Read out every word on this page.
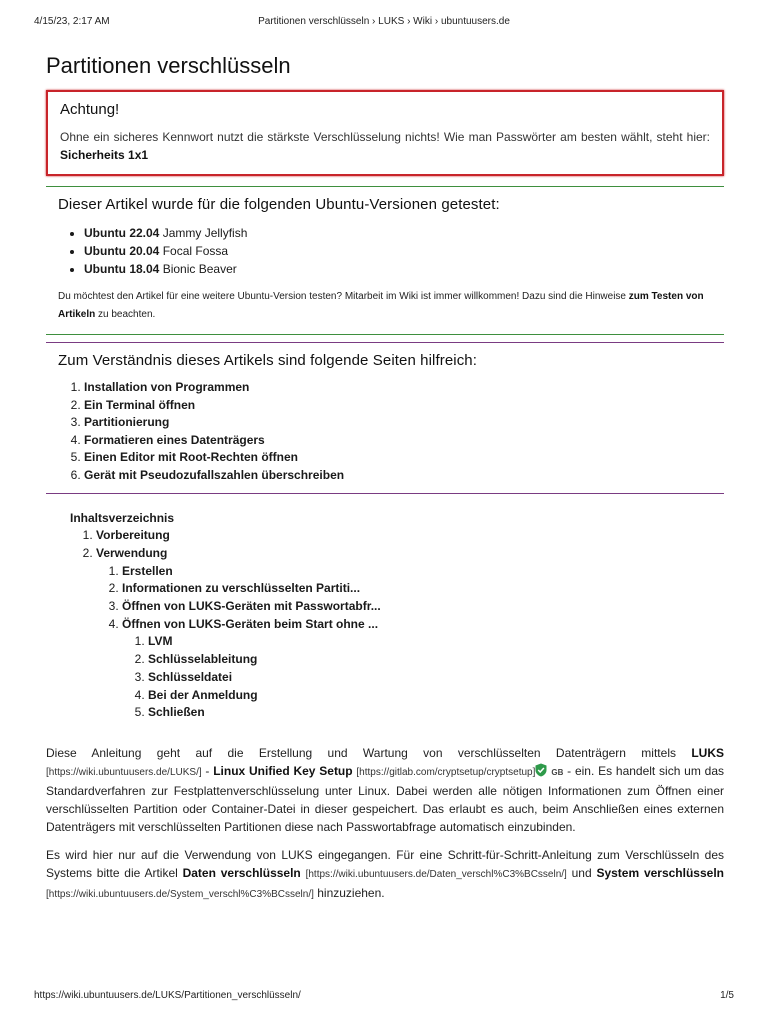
4/15/23, 2:17 AM	Partitionen verschlüsseln › LUKS › Wiki › ubuntuusers.de
Partitionen verschlüsseln
Achtung!
Ohne ein sicheres Kennwort nutzt die stärkste Verschlüsselung nichts! Wie man Passwörter am besten wählt, steht hier: Sicherheits 1x1
Dieser Artikel wurde für die folgenden Ubuntu-Versionen getestet:
• Ubuntu 22.04 Jammy Jellyfish
• Ubuntu 20.04 Focal Fossa
• Ubuntu 18.04 Bionic Beaver
Du möchtest den Artikel für eine weitere Ubuntu-Version testen? Mitarbeit im Wiki ist immer willkommen! Dazu sind die Hinweise zum Testen von Artikeln zu beachten.
Zum Verständnis dieses Artikels sind folgende Seiten hilfreich:
1. Installation von Programmen
2. Ein Terminal öffnen
3. Partitionierung
4. Formatieren eines Datenträgers
5. Einen Editor mit Root-Rechten öffnen
6. Gerät mit Pseudozufallszahlen überschreiben
Inhaltsverzeichnis
1. Vorbereitung
2. Verwendung
1. Erstellen
2. Informationen zu verschlüsselten Partiti...
3. Öffnen von LUKS-Geräten mit Passwortabfr...
4. Öffnen von LUKS-Geräten beim Start ohne ...
1. LVM
2. Schlüsselableitung
3. Schlüsseldatei
4. Bei der Anmeldung
5. Schließen
Diese Anleitung geht auf die Erstellung und Wartung von verschlüsselten Datenträgern mittels LUKS [https://wiki.ubuntuusers.de/LUKS/] - Linux Unified Key Setup [https://gitlab.com/cryptsetup/cryptsetup] GB - ein. Es handelt sich um das Standardverfahren zur Festplattenverschlüsselung unter Linux. Dabei werden alle nötigen Informationen zum Öffnen einer verschlüsselten Partition oder Container-Datei in dieser gespeichert. Das erlaubt es auch, beim Anschließen eines externen Datenträgers mit verschlüsselten Partitionen diese nach Passwortabfrage automatisch einzubinden.
Es wird hier nur auf die Verwendung von LUKS eingegangen. Für eine Schritt-für-Schritt-Anleitung zum Verschlüsseln des Systems bitte die Artikel Daten verschlüsseln [https://wiki.ubuntuusers.de/Daten_verschl%C3%BCsseln/] und System verschlüsseln [https://wiki.ubuntuusers.de/System_verschl%C3%BCsseln/] hinzuziehen.
https://wiki.ubuntuusers.de/LUKS/Partitionen_verschlüsseln/	1/5
